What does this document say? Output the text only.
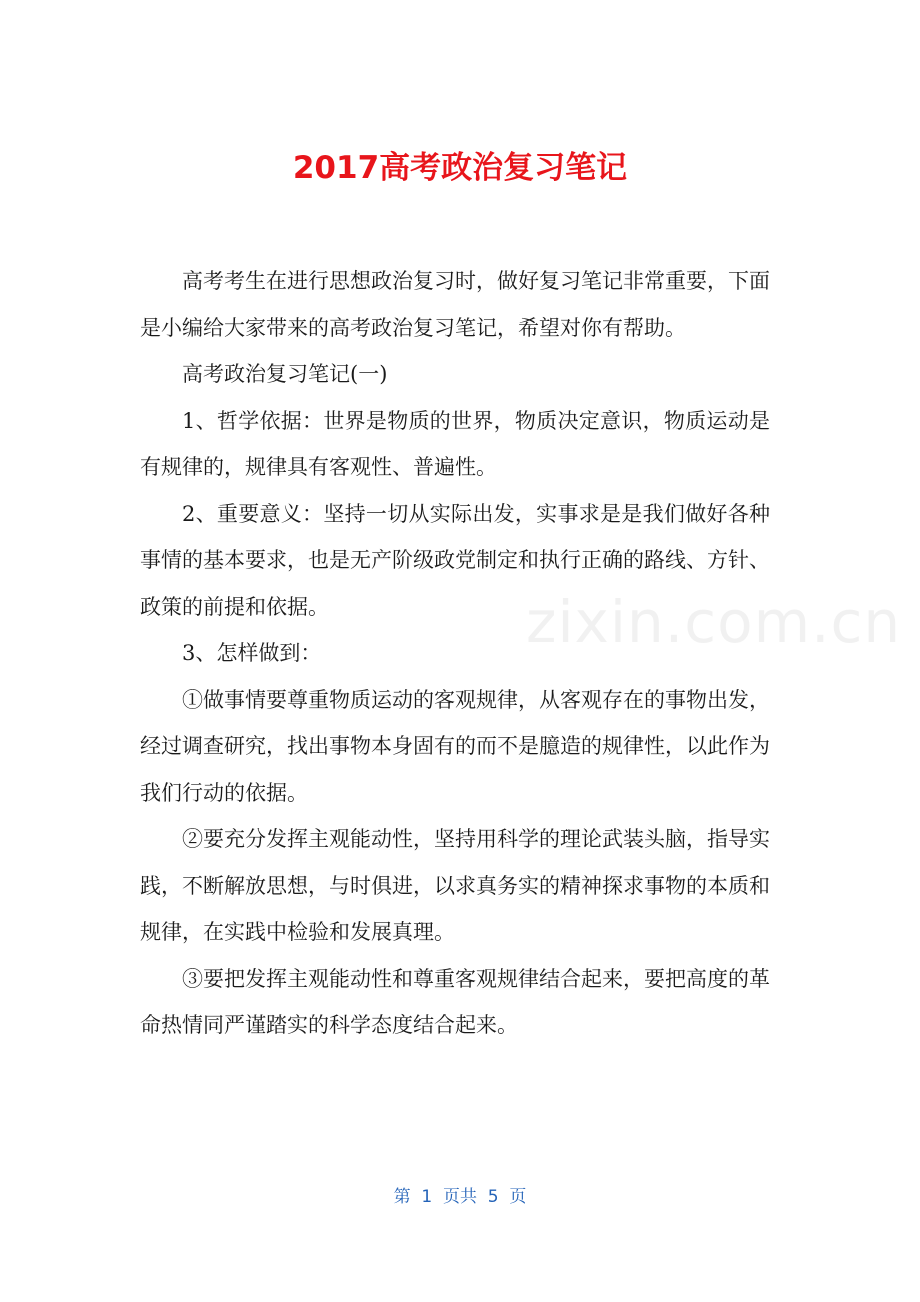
2017高考政治复习笔记

高考考生在进行思想政治复习时，做好复习笔记非常重要，下面是小编给大家带来的高考政治复习笔记，希望对你有帮助。

高考政治复习笔记(一)

1、哲学依据：世界是物质的世界，物质决定意识，物质运动是有规律的，规律具有客观性、普遍性。

2、重要意义：坚持一切从实际出发，实事求是是我们做好各种事情的基本要求，也是无产阶级政党制定和执行正确的路线、方针、政策的前提和依据。

3、怎样做到：

①做事情要尊重物质运动的客观规律，从客观存在的事物出发，经过调查研究，找出事物本身固有的而不是臆造的规律性，以此作为我们行动的依据。

②要充分发挥主观能动性，坚持用科学的理论武装头脑，指导实践，不断解放思想，与时俱进，以求真务实的精神探求事物的本质和规律，在实践中检验和发展真理。

③要把发挥主观能动性和尊重客观规律结合起来，要把高度的革命热情同严谨踏实的科学态度结合起来。

zixin.com.cn
第  1  页共  5  页
